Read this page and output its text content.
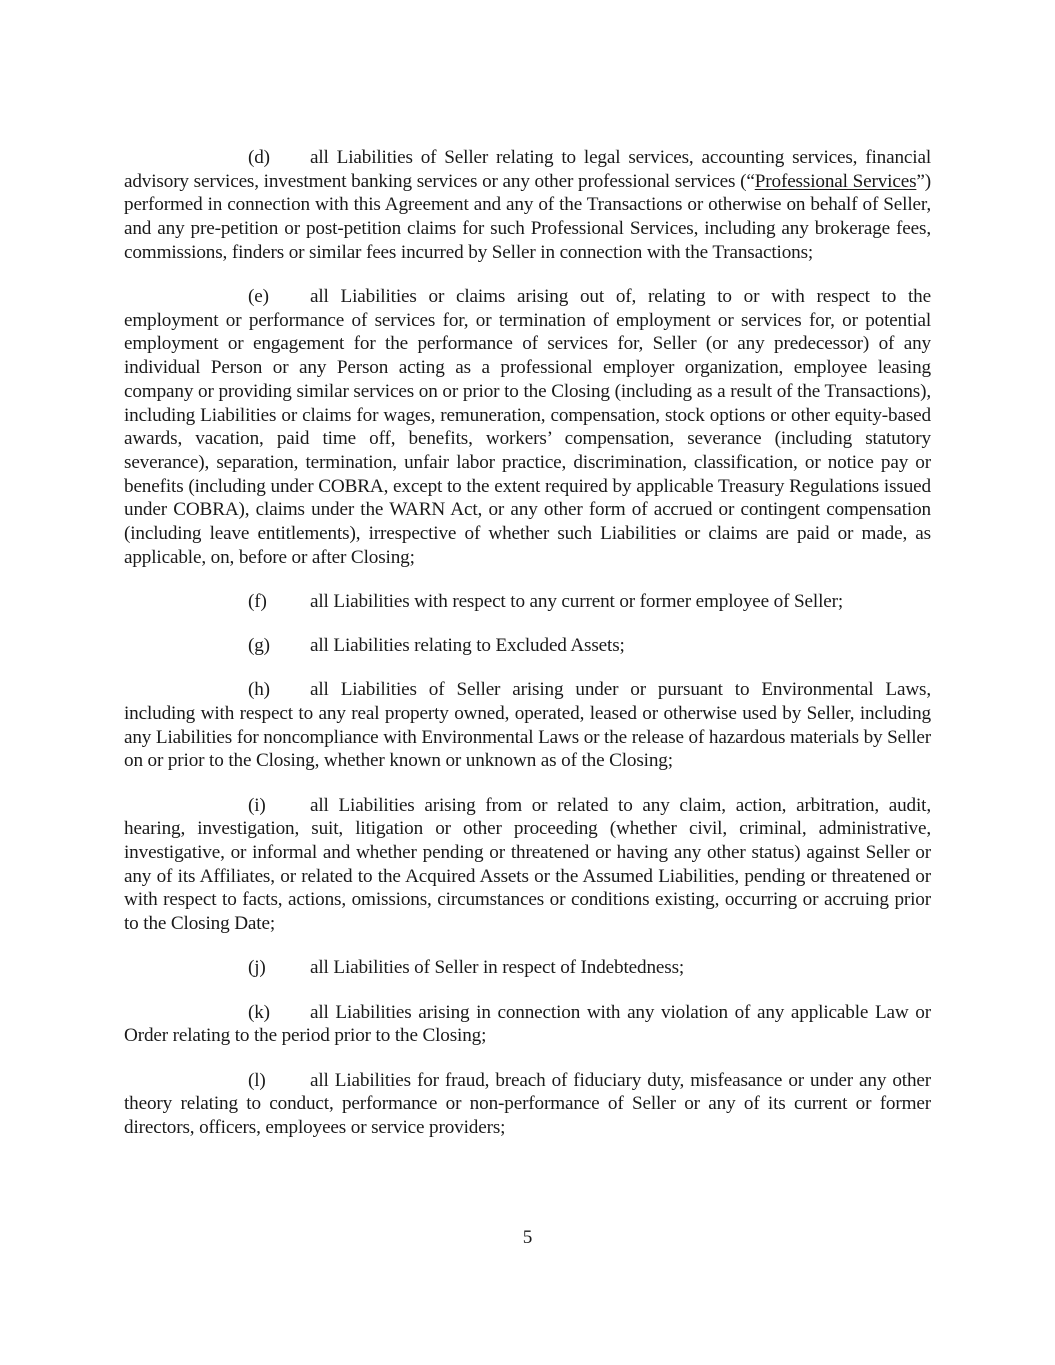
(d) all Liabilities of Seller relating to legal services, accounting services, financial advisory services, investment banking services or any other professional services (“Professional Services”) performed in connection with this Agreement and any of the Transactions or otherwise on behalf of Seller, and any pre-petition or post-petition claims for such Professional Services, including any brokerage fees, commissions, finders or similar fees incurred by Seller in connection with the Transactions;

(e) all Liabilities or claims arising out of, relating to or with respect to the employment or performance of services for, or termination of employment or services for, or potential employment or engagement for the performance of services for, Seller (or any predecessor) of any individual Person or any Person acting as a professional employer organization, employee leasing company or providing similar services on or prior to the Closing (including as a result of the Transactions), including Liabilities or claims for wages, remuneration, compensation, stock options or other equity-based awards, vacation, paid time off, benefits, workers’ compensation, severance (including statutory severance), separation, termination, unfair labor practice, discrimination, classification, or notice pay or benefits (including under COBRA, except to the extent required by applicable Treasury Regulations issued under COBRA), claims under the WARN Act, or any other form of accrued or contingent compensation (including leave entitlements), irrespective of whether such Liabilities or claims are paid or made, as applicable, on, before or after Closing;

(f) all Liabilities with respect to any current or former employee of Seller;

(g) all Liabilities relating to Excluded Assets;

(h) all Liabilities of Seller arising under or pursuant to Environmental Laws, including with respect to any real property owned, operated, leased or otherwise used by Seller, including any Liabilities for noncompliance with Environmental Laws or the release of hazardous materials by Seller on or prior to the Closing, whether known or unknown as of the Closing;

(i) all Liabilities arising from or related to any claim, action, arbitration, audit, hearing, investigation, suit, litigation or other proceeding (whether civil, criminal, administrative, investigative, or informal and whether pending or threatened or having any other status) against Seller or any of its Affiliates, or related to the Acquired Assets or the Assumed Liabilities, pending or threatened or with respect to facts, actions, omissions, circumstances or conditions existing, occurring or accruing prior to the Closing Date;

(j) all Liabilities of Seller in respect of Indebtedness;

(k) all Liabilities arising in connection with any violation of any applicable Law or Order relating to the period prior to the Closing;

(l) all Liabilities for fraud, breach of fiduciary duty, misfeasance or under any other theory relating to conduct, performance or non-performance of Seller or any of its current or former directors, officers, employees or service providers;

5
